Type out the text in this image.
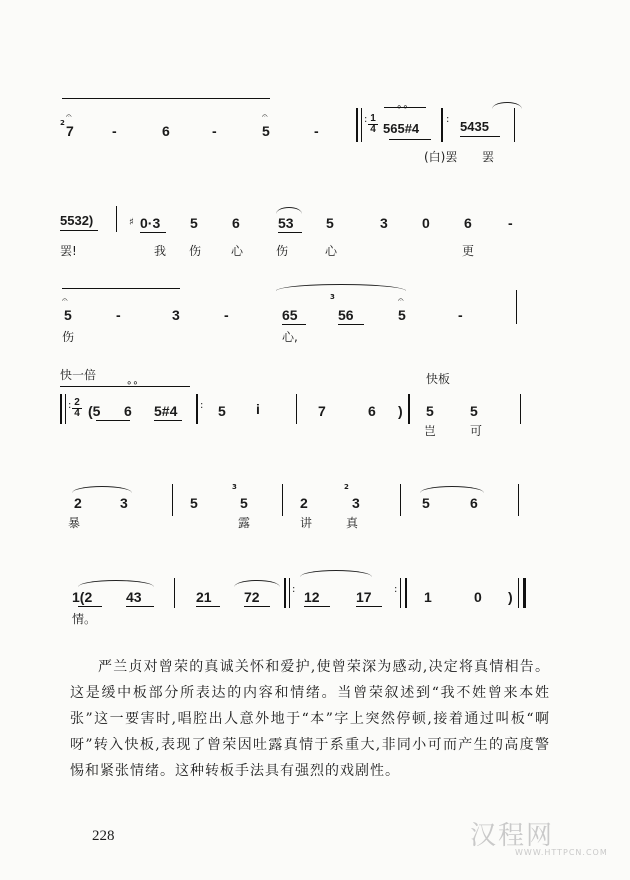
2
𝄐
7	-	6	-
𝄐
5	-
: 1
4
∘∘
565#4
: 5435
(白)罢 罢
5532)	♯ 0·3 5 6	53 5	3 0 6	-
罢!	我 伤 心	伤	心	更
𝄐
5	-	3	-	65
3
56
𝄐
5	-
伤	心,
快一倍	快板
∘∘
: 2
4 (5 6 5#4 : 5 i	7	6 ) 5	5
岂	可
2	3	5
3
5	2
2
3	5	6
暴	露	讲	真
1(2 43	21 72	: 12	17 : 1	0 )
情。
严兰贞对曾荣的真诚关怀和爱护,使曾荣深为感动,决定将真情相告。这是缓中板部分所表达的内容和情绪。当曾荣叙述到“我不姓曾来本姓张”这一要害时,唱腔出人意外地于“本”字上突然停顿,接着通过叫板“啊呀”转入快板,表现了曾荣因吐露真情于系重大,非同小可而产生的高度警惕和紧张情绪。这种转板手法具有强烈的戏剧性。
228	汉程网
WWW.HTTPCN.COM
